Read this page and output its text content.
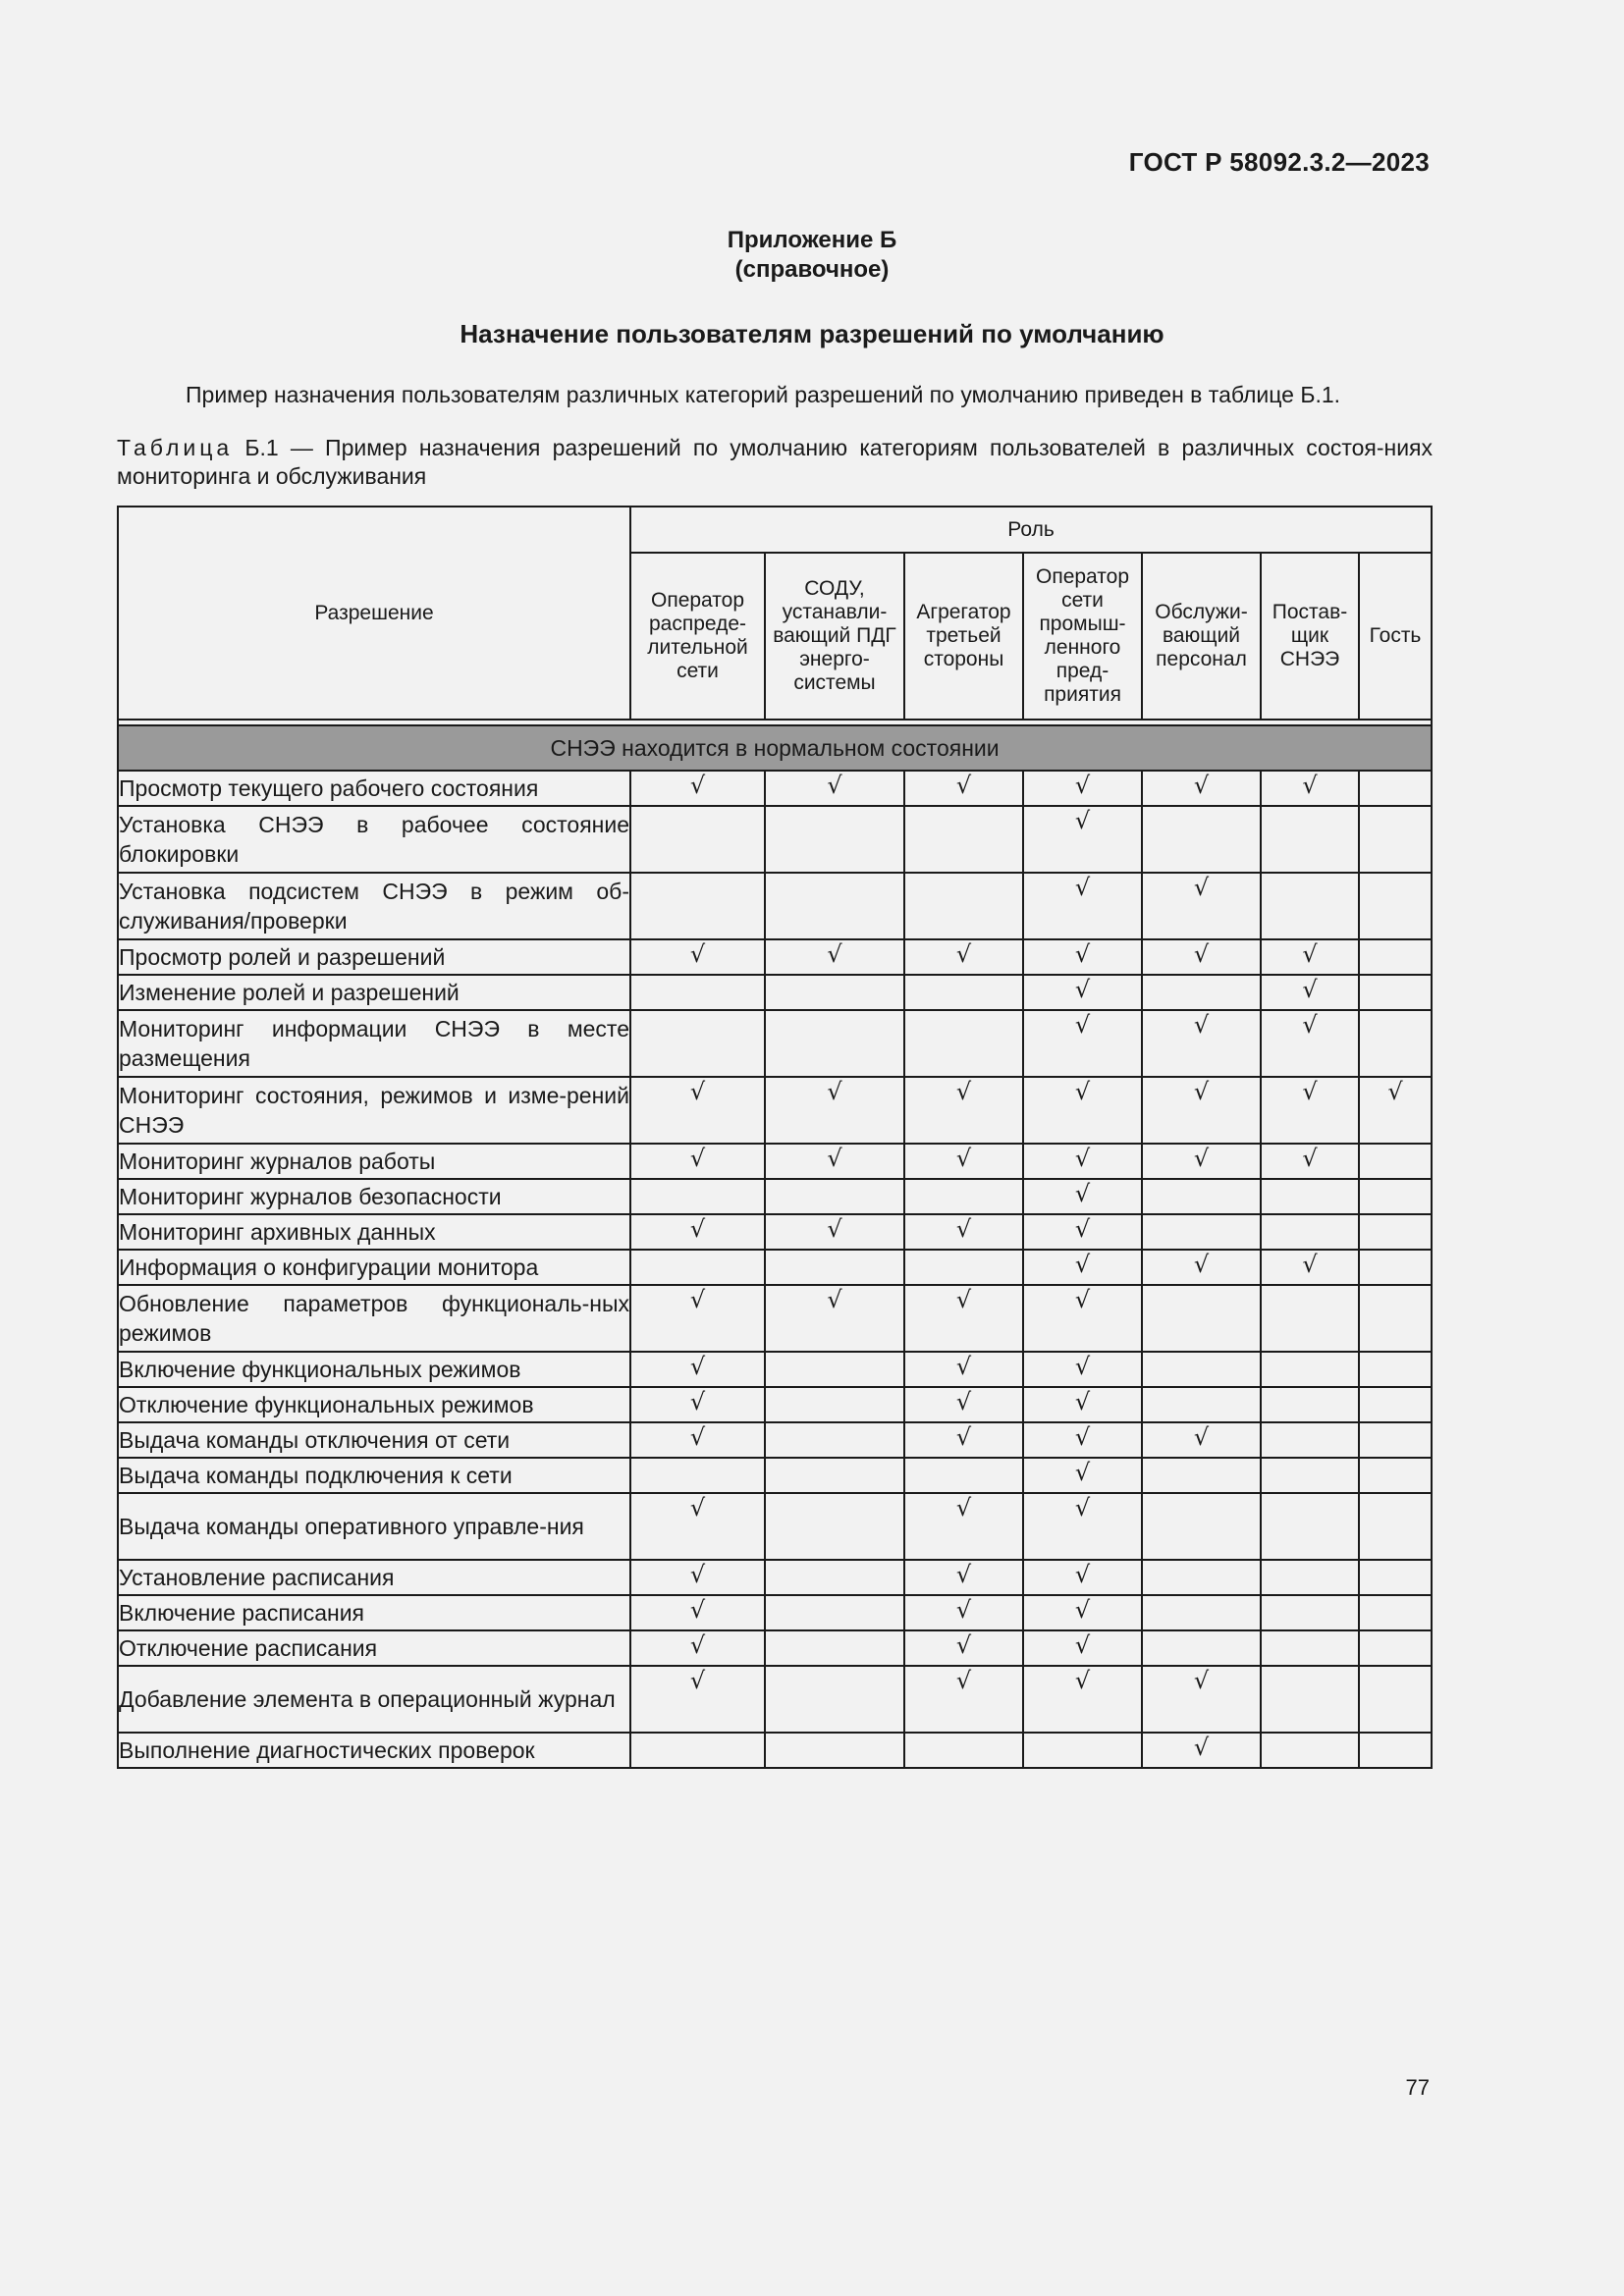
ГОСТ Р 58092.3.2—2023
Приложение Б
(справочное)
Назначение пользователям разрешений по умолчанию
Пример назначения пользователям различных категорий разрешений по умолчанию приведен в таблице Б.1.
Таблица Б.1 — Пример назначения разрешений по умолчанию категориям пользователей в различных состоя-ниях мониторинга и обслуживания
Разрешение	Роль						
	Оператор распреде-лительной сети	СОДУ, устанавли-вающий ПДГ энерго-системы	Агрегатор третьей стороны	Оператор сети промыш-ленного пред-приятия	Обслужи-вающий персонал	Постав-щик СНЭЭ	Гость

СНЭЭ находится в нормальном состоянии							

Просмотр текущего рабочего состояния	√	√	√	√	√	√	

Установка СНЭЭ в рабочее состояние блокировки				√			

Установка подсистем СНЭЭ в режим об-служивания/проверки				√	√		

Просмотр ролей и разрешений	√	√	√	√	√	√	

Изменение ролей и разрешений				√		√	

Мониторинг информации СНЭЭ в месте размещения				√	√	√	

Мониторинг состояния, режимов и изме-рений СНЭЭ	√	√	√	√	√	√	√

Мониторинг журналов работы	√	√	√	√	√	√	

Мониторинг журналов безопасности				√			

Мониторинг архивных данных	√	√	√	√			

Информация о конфигурации монитора				√	√	√	

Обновление параметров функциональ-ных режимов	√	√	√	√			

Включение функциональных режимов	√		√	√			

Отключение функциональных режимов	√		√	√			

Выдача команды отключения от сети	√		√	√	√		

Выдача команды подключения к сети				√			

Выдача команды оперативного управле-ния	√		√	√			

Установление расписания	√		√	√			

Включение расписания	√		√	√			

Отключение расписания	√		√	√			

Добавление элемента в операционный журнал	√		√	√	√		

Выполнение диагностических проверок					√		
77
